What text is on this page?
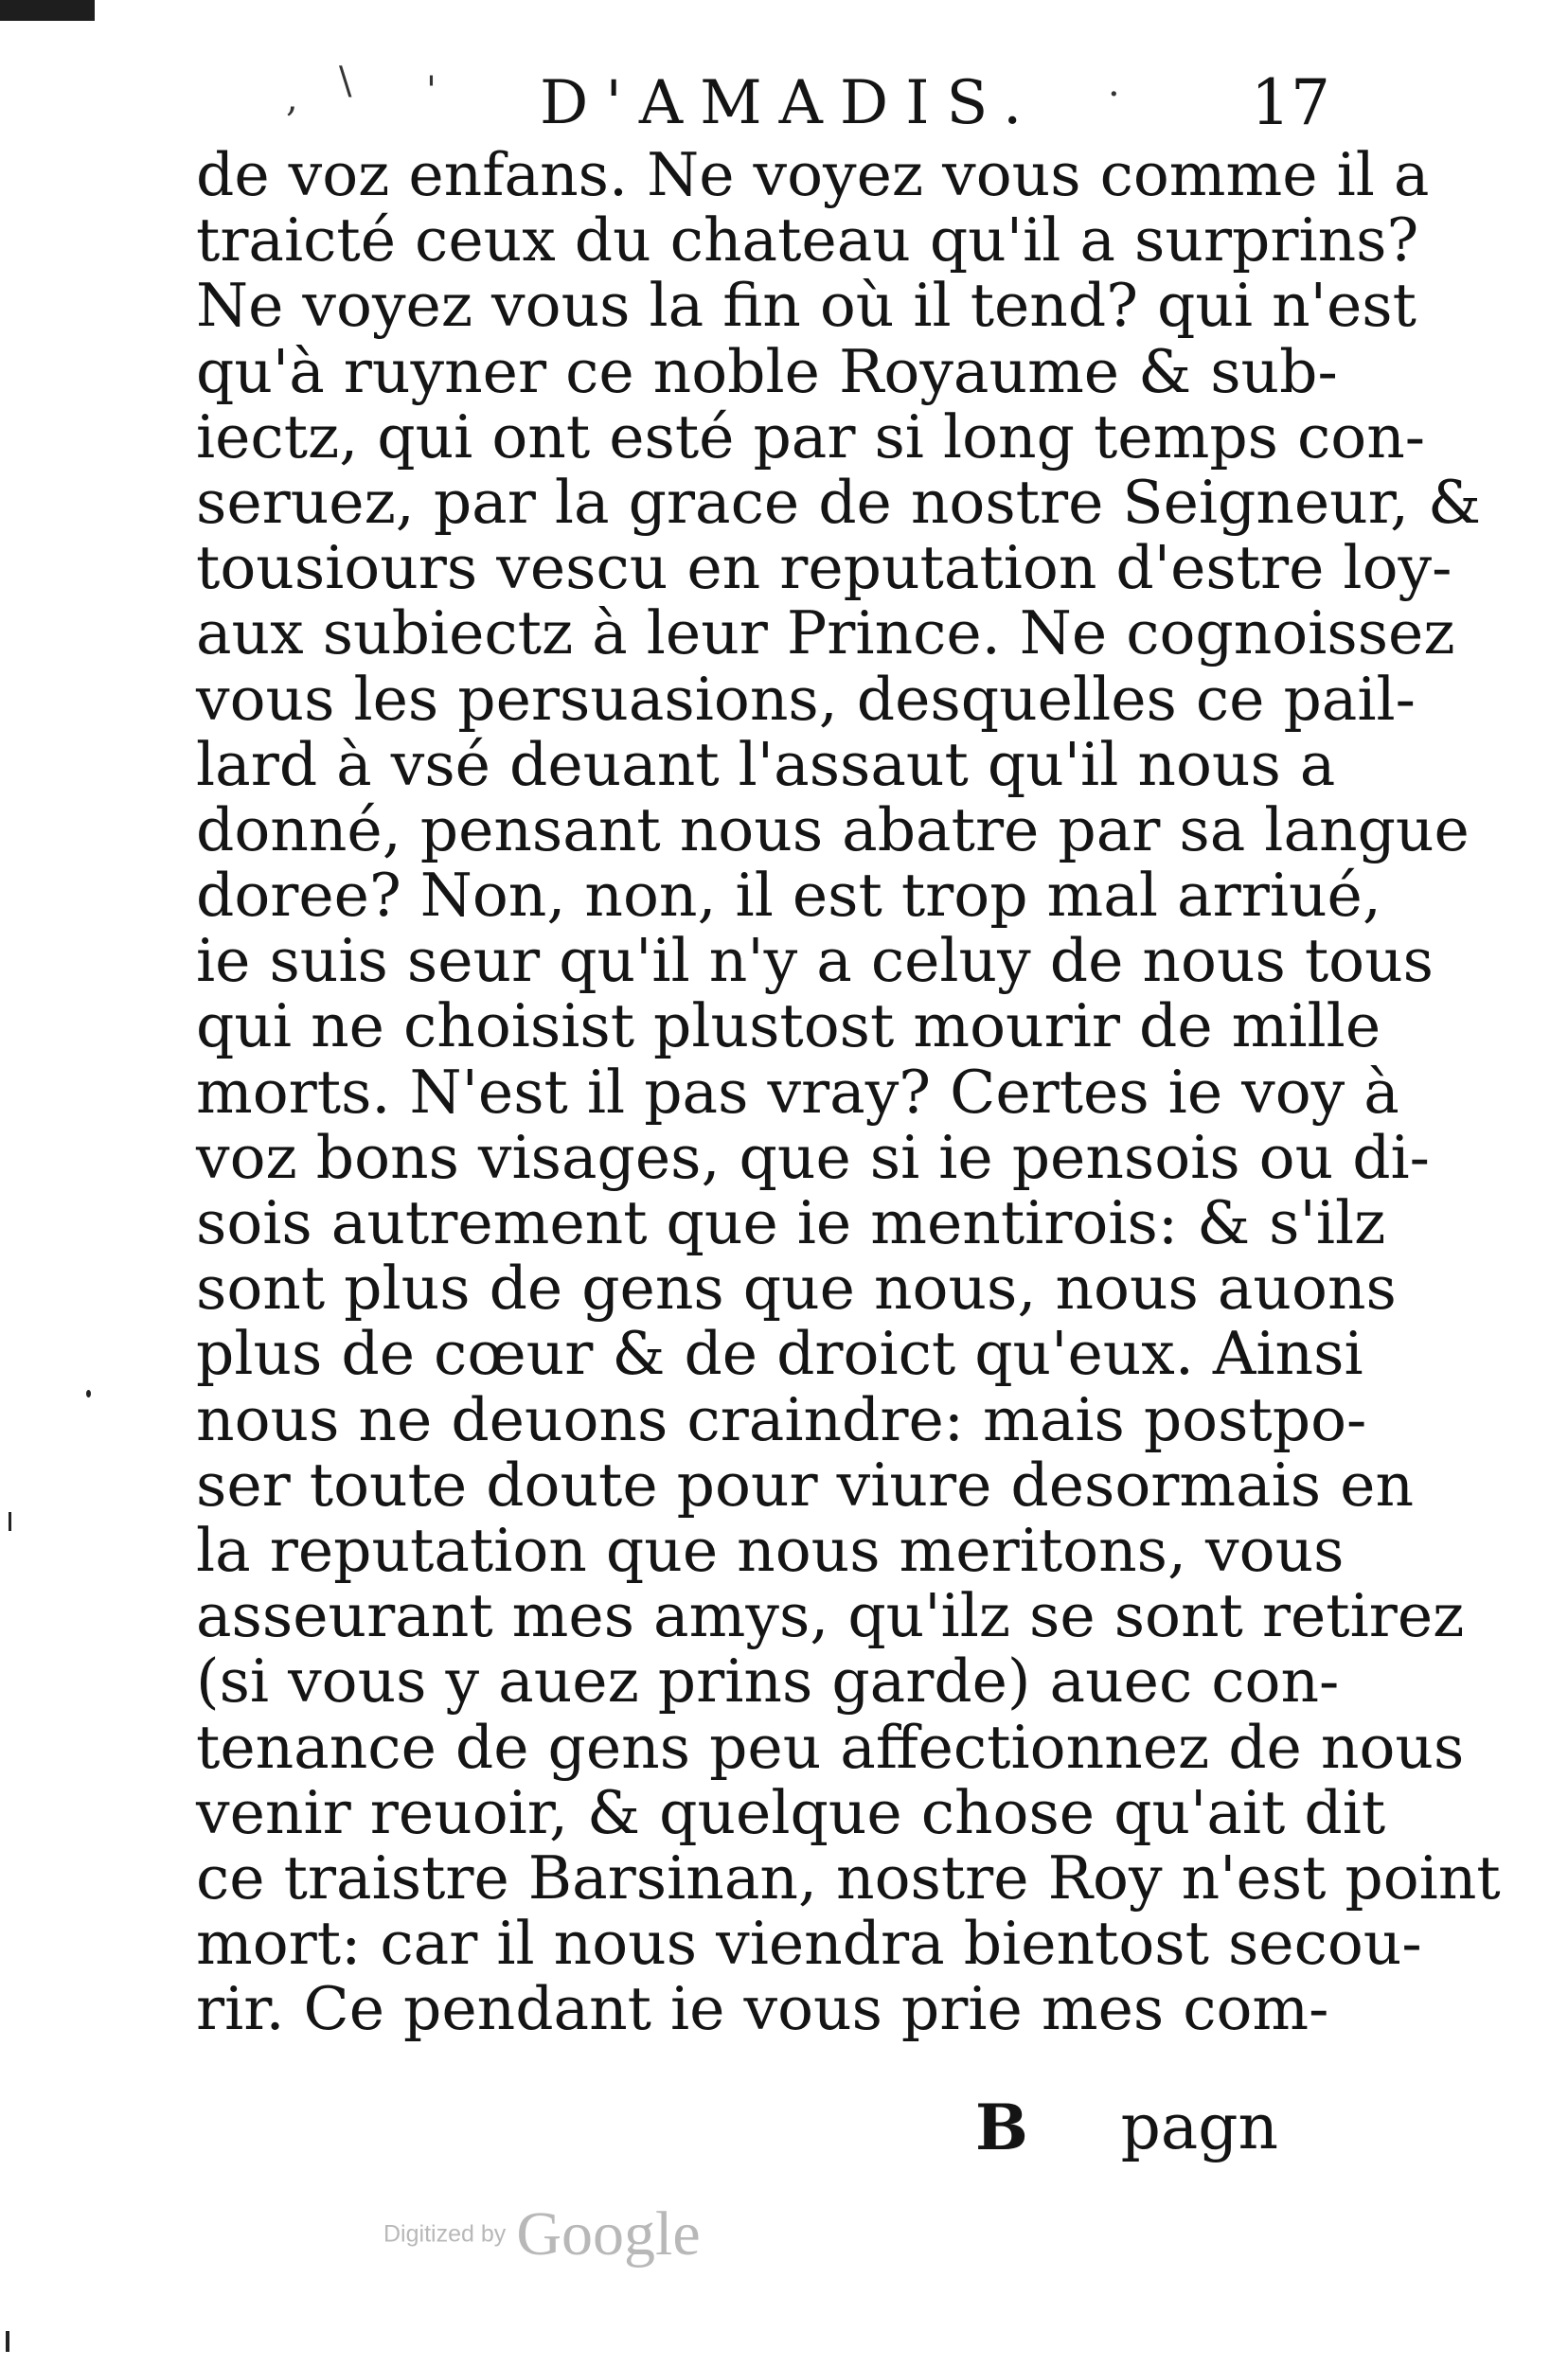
, \ '	·
D'AMADIS.	17
de voz enfans. Ne voyez vous comme il a
traicté ceux du chateau qu'il a surprins?
Ne voyez vous la fin où il tend? qui n'est
qu'à ruyner ce noble Royaume & sub-
iectz, qui ont esté par si long temps con-
seruez, par la grace de nostre Seigneur, &
tousiours vescu en reputation d'estre loy-
aux subiectz à leur Prince. Ne cognoissez
vous les persuasions, desquelles ce pail-
lard à vsé deuant l'assaut qu'il nous a
donné, pensant nous abatre par sa langue
doree? Non, non, il est trop mal arriué,
ie suis seur qu'il n'y a celuy de nous tous
qui ne choisist plustost mourir de mille
morts. N'est il pas vray? Certes ie voy à
voz bons visages, que si ie pensois ou di-
sois autrement que ie mentirois: & s'ilz
sont plus de gens que nous, nous auons
plus de cœur & de droict qu'eux. Ainsi
nous ne deuons craindre: mais postpo-
ser toute doute pour viure desormais en
la reputation que nous meritons, vous
asseurant mes amys, qu'ilz se sont retirez
(si vous y auez prins garde) auec con-
tenance de gens peu affectionnez de nous
venir reuoir, & quelque chose qu'ait dit
ce traistre Barsinan, nostre Roy n'est point
mort: car il nous viendra bientost secou-
rir. Ce pendant ie vous prie mes com-
B pagn
Digitized by Google
